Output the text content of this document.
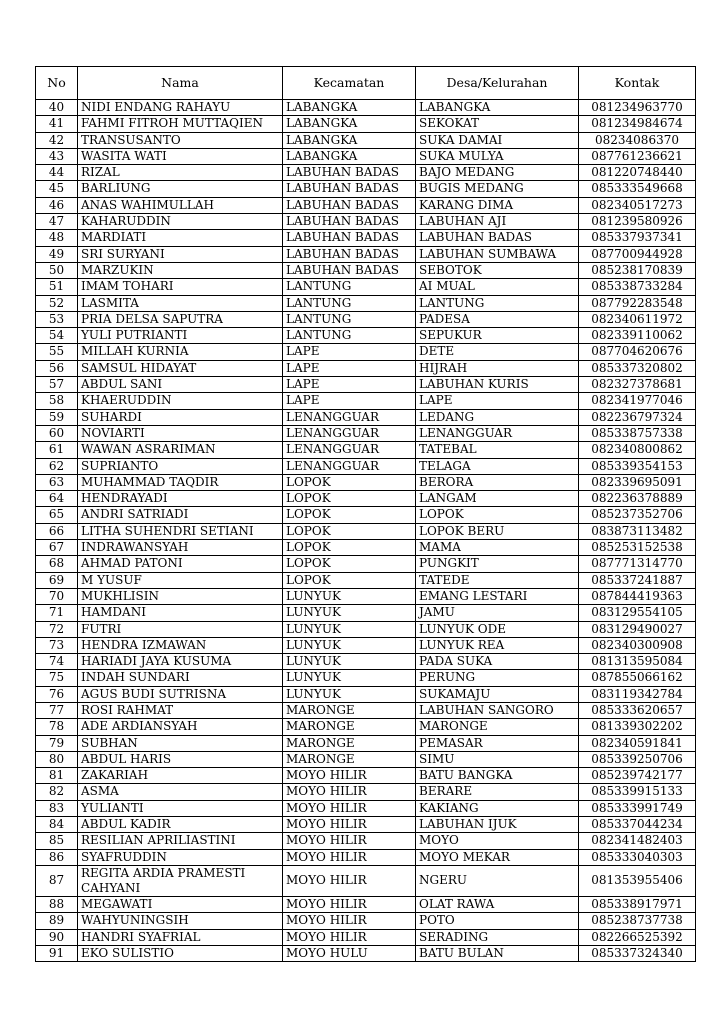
No	Nama	Kecamatan	Desa/Kelurahan	Kontak
40	NIDI ENDANG RAHAYU	LABANGKA	LABANGKA	081234963770
41	FAHMI FITROH MUTTAQIEN	LABANGKA	SEKOKAT	081234984674
42	TRANSUSANTO	LABANGKA	SUKA DAMAI	08234086370
43	WASITA WATI	LABANGKA	SUKA MULYA	087761236621
44	RIZAL	LABUHAN BADAS	BAJO MEDANG	081220748440
45	BARLIUNG	LABUHAN BADAS	BUGIS MEDANG	085333549668
46	ANAS WAHIMULLAH	LABUHAN BADAS	KARANG DIMA	082340517273
47	KAHARUDDIN	LABUHAN BADAS	LABUHAN AJI	081239580926
48	MARDIATI	LABUHAN BADAS	LABUHAN BADAS	085337937341
49	SRI SURYANI	LABUHAN BADAS	LABUHAN SUMBAWA	087700944928
50	MARZUKIN	LABUHAN BADAS	SEBOTOK	085238170839
51	IMAM TOHARI	LANTUNG	AI MUAL	085338733284
52	LASMITA	LANTUNG	LANTUNG	087792283548
53	PRIA DELSA SAPUTRA	LANTUNG	PADESA	082340611972
54	YULI PUTRIANTI	LANTUNG	SEPUKUR	082339110062
55	MILLAH KURNIA	LAPE	DETE	087704620676
56	SAMSUL HIDAYAT	LAPE	HIJRAH	085337320802
57	ABDUL SANI	LAPE	LABUHAN KURIS	082327378681
58	KHAERUDDIN	LAPE	LAPE	082341977046
59	SUHARDI	LENANGGUAR	LEDANG	082236797324
60	NOVIARTI	LENANGGUAR	LENANGGUAR	085338757338
61	WAWAN ASRARIMAN	LENANGGUAR	TATEBAL	082340800862
62	SUPRIANTO	LENANGGUAR	TELAGA	085339354153
63	MUHAMMAD TAQDIR	LOPOK	BERORA	082339695091
64	HENDRAYADI	LOPOK	LANGAM	082236378889
65	ANDRI SATRIADI	LOPOK	LOPOK	085237352706
66	LITHA SUHENDRI SETIANI	LOPOK	LOPOK BERU	083873113482
67	INDRAWANSYAH	LOPOK	MAMA	085253152538
68	AHMAD PATONI	LOPOK	PUNGKIT	087771314770
69	M YUSUF	LOPOK	TATEDE	085337241887
70	MUKHLISIN	LUNYUK	EMANG LESTARI	087844419363
71	HAMDANI	LUNYUK	JAMU	083129554105
72	FUTRI	LUNYUK	LUNYUK ODE	083129490027
73	HENDRA IZMAWAN	LUNYUK	LUNYUK REA	082340300908
74	HARIADI JAYA KUSUMA	LUNYUK	PADA SUKA	081313595084
75	INDAH SUNDARI	LUNYUK	PERUNG	087855066162
76	AGUS BUDI SUTRISNA	LUNYUK	SUKAMAJU	083119342784
77	ROSI RAHMAT	MARONGE	LABUHAN SANGORO	085333620657
78	ADE ARDIANSYAH	MARONGE	MARONGE	081339302202
79	SUBHAN	MARONGE	PEMASAR	082340591841
80	ABDUL HARIS	MARONGE	SIMU	085339250706
81	ZAKARIAH	MOYO HILIR	BATU BANGKA	085239742177
82	ASMA	MOYO HILIR	BERARE	085339915133
83	YULIANTI	MOYO HILIR	KAKIANG	085333991749
84	ABDUL KADIR	MOYO HILIR	LABUHAN IJUK	085337044234
85	RESILIAN APRILIASTINI	MOYO HILIR	MOYO	082341482403
86	SYAFRUDDIN	MOYO HILIR	MOYO MEKAR	085333040303
87	REGITA ARDIA PRAMESTI CAHYANI	MOYO HILIR	NGERU	081353955406
88	MEGAWATI	MOYO HILIR	OLAT RAWA	085338917971
89	WAHYUNINGSIH	MOYO HILIR	POTO	085238737738
90	HANDRI SYAFRIAL	MOYO HILIR	SERADING	082266525392
91	EKO SULISTIO	MOYO HULU	BATU BULAN	085337324340
